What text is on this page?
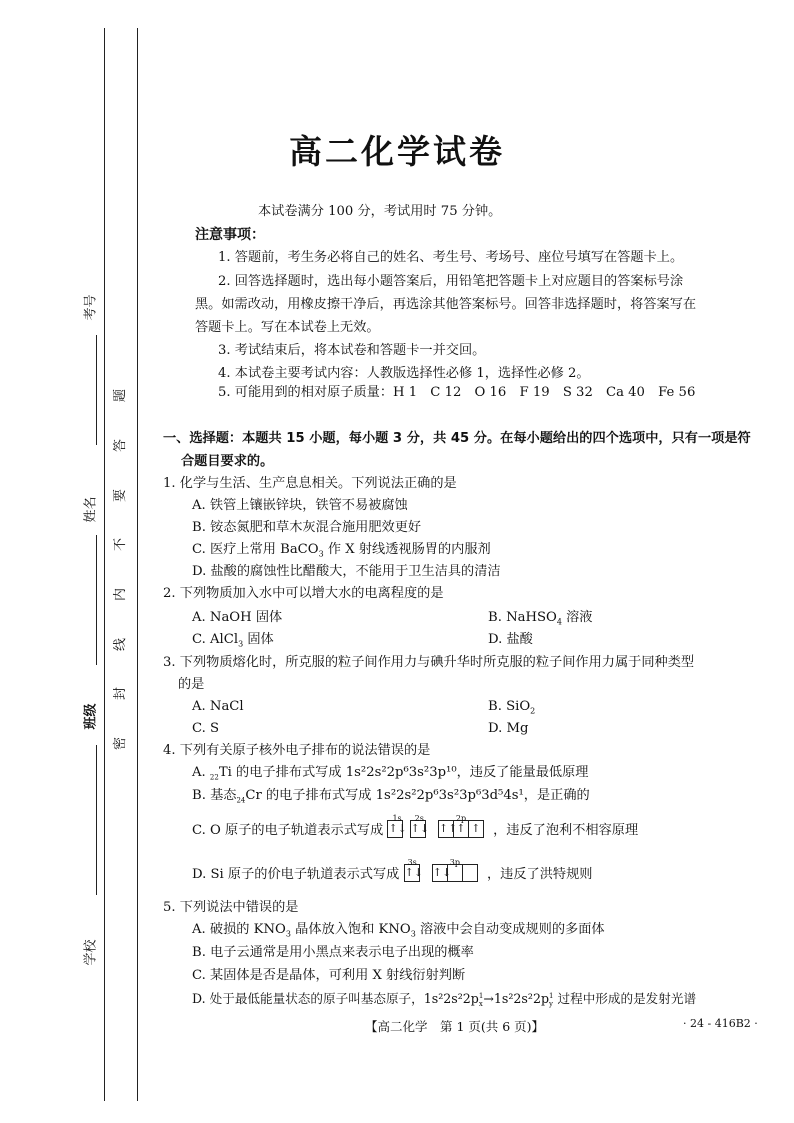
考号
姓名
班级
学校
题
答
要
不
内
线
封
密
高二化学试卷
本试卷满分 100 分，考试用时 75 分钟。
注意事项：
1. 答题前，考生务必将自己的姓名、考生号、考场号、座位号填写在答题卡上。
2. 回答选择题时，选出每小题答案后，用铅笔把答题卡上对应题目的答案标号涂
黑。如需改动，用橡皮擦干净后，再选涂其他答案标号。回答非选择题时，将答案写在
答题卡上。写在本试卷上无效。
3. 考试结束后，将本试卷和答题卡一并交回。
4. 本试卷主要考试内容：人教版选择性必修 1，选择性必修 2。
5. 可能用到的相对原子质量：H 1　C 12　O 16　F 19　S 32　Ca 40　Fe 56
一、选择题：本题共 15 小题，每小题 3 分，共 45 分。在每小题给出的四个选项中，只有一项是符
合题目要求的。
1. 化学与生活、生产息息相关。下列说法正确的是
A. 铁管上镶嵌锌块，铁管不易被腐蚀
B. 铵态氮肥和草木灰混合施用肥效更好
C. 医疗上常用 BaCO$_3$ 作 X 射线透视肠胃的内服剂
D. 盐酸的腐蚀性比醋酸大，不能用于卫生洁具的清洁
2. 下列物质加入水中可以增大水的电离程度的是
A. NaOH 固体	B. NaHSO$_4$ 溶液
C. AlCl$_3$ 固体	D. 盐酸
3. 下列物质熔化时，所克服的粒子间作用力与碘升华时所克服的粒子间作用力属于同种类型
的是
A. NaCl	B. SiO$_2$
C. S	D. Mg
4. 下列有关原子核外电子排布的说法错误的是
A. $_{22}$Ti 的电子排布式写成 1s²2s²2p⁶3s²3p¹⁰，违反了能量最低原理
B. 基态$_{24}$Cr 的电子排布式写成 1s²2s²2p⁶3s²3p⁶3d⁵4s¹，是正确的
C. O 原子的电子轨道表示式写成
1s
↑↓
2s
↑↓
2p
↑↑↑ ↑ ，违反了泡利不相容原理
D. Si 原子的价电子轨道表示式写成
3s
↑↓
3p
↑↓	，违反了洪特规则
5. 下列说法中错误的是
A. 破损的 $KNO_3$ 晶体放入饱和 $KNO_3$ 溶液中会自动变成规则的多面体
B. 电子云通常是用小黑点来表示电子出现的概率
C. 某固体是否是晶体，可利用 X 射线衍射判断
D. 处于最低能量状态的原子叫基态原子，1s²2s²2p 1
x →1s²2s²2p 1
y 过程中形成的是发射光谱
【高二化学　第 1 页(共 6 页)】	· 24 - 416B2 ·
